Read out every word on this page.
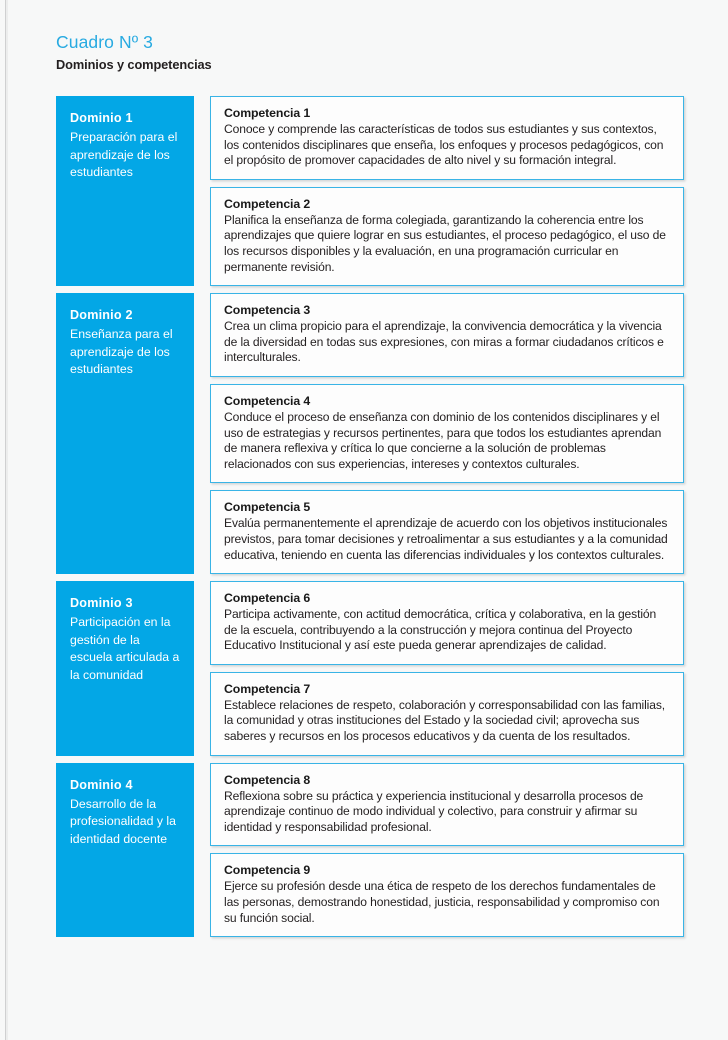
Cuadro Nº 3
Dominios y competencias
Dominio 1
Preparación para el aprendizaje de los estudiantes
Competencia 1
Conoce y comprende las características de todos sus estudiantes y sus contextos, los contenidos disciplinares que enseña, los enfoques y procesos pedagógicos, con el propósito de promover capacidades de alto nivel y su formación integral.
Competencia 2
Planifica la enseñanza de forma colegiada, garantizando la coherencia entre los aprendizajes que quiere lograr en sus estudiantes, el proceso pedagógico, el uso de los recursos disponibles y la evaluación, en una programación curricular en permanente revisión.
Dominio 2
Enseñanza para el aprendizaje de los estudiantes
Competencia 3
Crea un clima propicio para el aprendizaje, la convivencia democrática y la vivencia de la diversidad en todas sus expresiones, con miras a formar ciudadanos críticos e interculturales.
Competencia 4
Conduce el proceso de enseñanza con dominio de los contenidos disciplinares y el uso de estrategias y recursos pertinentes, para que todos los estudiantes aprendan de manera reflexiva y crítica lo que concierne a la solución de problemas relacionados con sus experiencias, intereses y contextos culturales.
Competencia 5
Evalúa permanentemente el aprendizaje de acuerdo con los objetivos institucionales previstos, para tomar decisiones y retroalimentar a sus estudiantes y a la comunidad educativa, teniendo en cuenta las diferencias individuales y los contextos culturales.
Dominio 3
Participación en la gestión de la escuela articulada a la comunidad
Competencia 6
Participa activamente, con actitud democrática, crítica y colaborativa, en la gestión de la escuela, contribuyendo a la construcción y mejora continua del Proyecto Educativo Institucional y así este pueda generar aprendizajes de calidad.
Competencia 7
Establece relaciones de respeto, colaboración y corresponsabilidad con las familias, la comunidad y otras instituciones del Estado y la sociedad civil; aprovecha sus saberes y recursos en los procesos educativos y da cuenta de los resultados.
Dominio 4
Desarrollo de la profesionalidad y la identidad docente
Competencia 8
Reflexiona sobre su práctica y experiencia institucional y desarrolla procesos de aprendizaje continuo de modo individual y colectivo, para construir y afirmar su identidad y responsabilidad profesional.
Competencia 9
Ejerce su profesión desde una ética de respeto de los derechos fundamentales de las personas, demostrando honestidad, justicia, responsabilidad y compromiso con su función social.
